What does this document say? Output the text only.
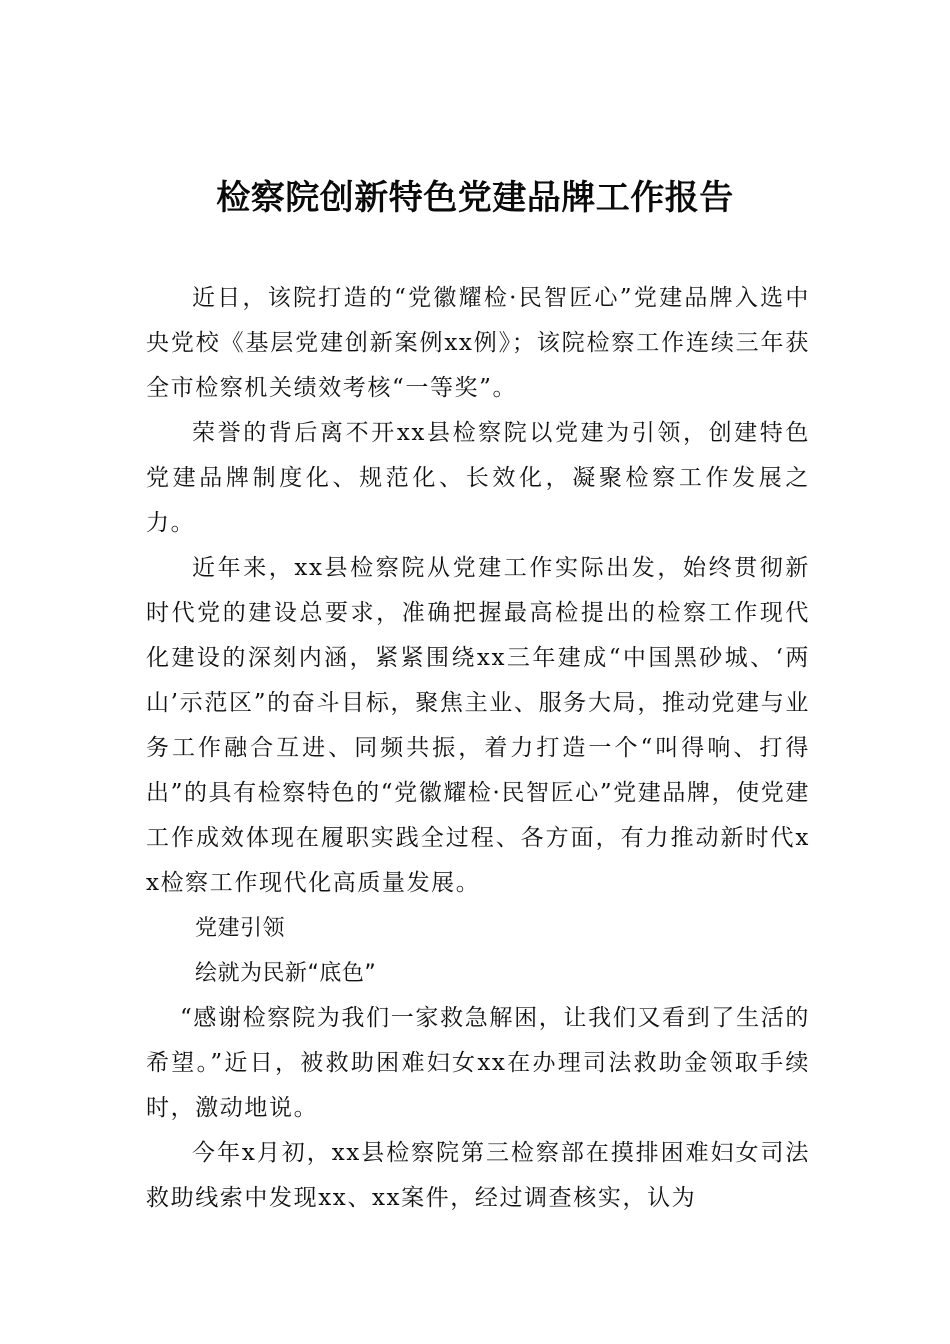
检察院创新特色党建品牌工作报告

近日，该院打造的“党徽耀检·民智匠心”党建品牌入选中央党校《基层党建创新案例xx例》；该院检察工作连续三年获全市检察机关绩效考核“一等奖”。

荣誉的背后离不开xx县检察院以党建为引领，创建特色党建品牌制度化、规范化、长效化，凝聚检察工作发展之力。

近年来，xx县检察院从党建工作实际出发，始终贯彻新时代党的建设总要求，准确把握最高检提出的检察工作现代化建设的深刻内涵，紧紧围绕xx三年建成“中国黑砂城、‘两山’示范区”的奋斗目标，聚焦主业、服务大局，推动党建与业务工作融合互进、同频共振，着力打造一个“叫得响、打得出”的具有检察特色的“党徽耀检·民智匠心”党建品牌，使党建工作成效体现在履职实践全过程、各方面，有力推动新时代xx检察工作现代化高质量发展。

党建引领

绘就为民新“底色”

“感谢检察院为我们一家救急解困，让我们又看到了生活的希望。”近日，被救助困难妇女xx在办理司法救助金领取手续时，激动地说。

今年x月初，xx县检察院第三检察部在摸排困难妇女司法救助线索中发现xx、xx案件，经过调查核实，认为
